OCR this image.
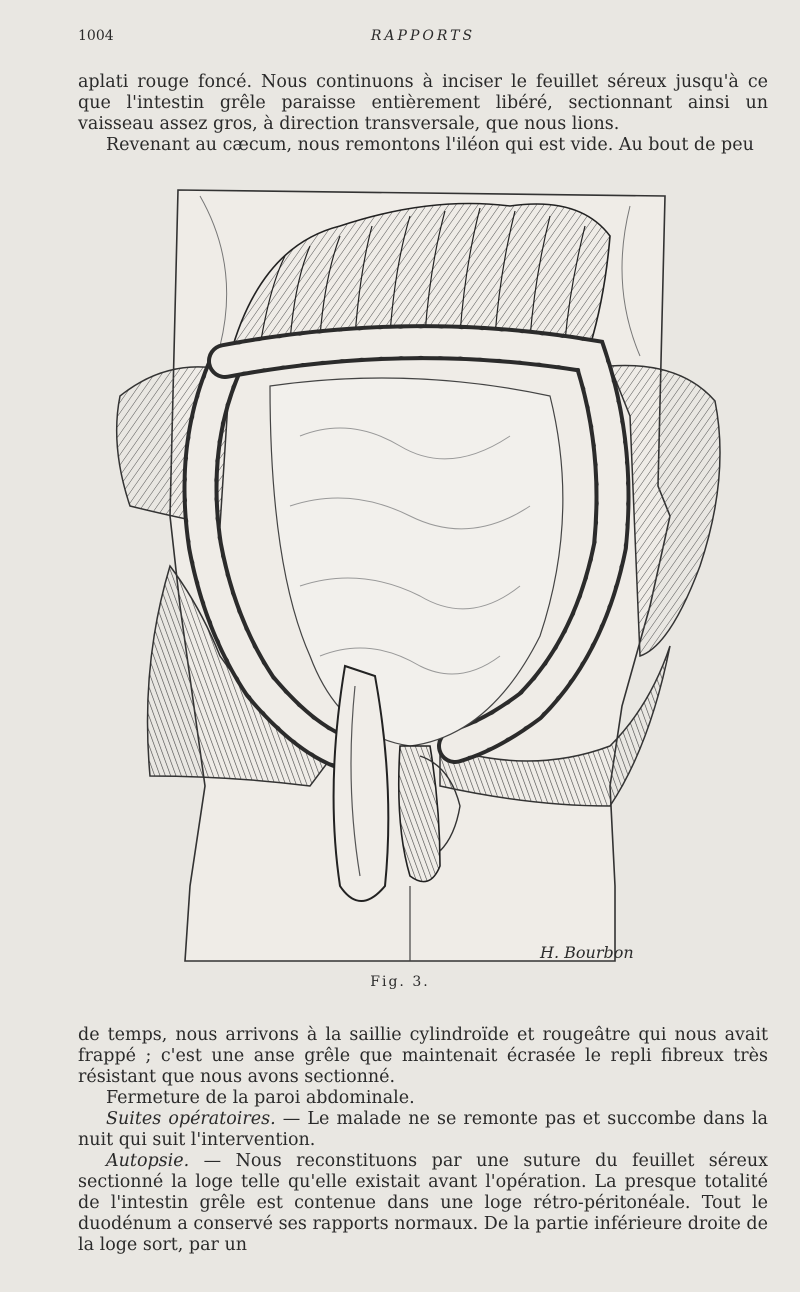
1004	RAPPORTS

aplati rouge foncé. Nous continuons à inciser le feuillet séreux jusqu'à ce que l'intestin grêle paraisse entièrement libéré, sectionnant ainsi un vaisseau assez gros, à direction transversale, que nous lions.

Revenant au cæcum, nous remontons l'iléon qui est vide. Au bout de peu

H. Bourbon
Fig. 3.

de temps, nous arrivons à la saillie cylindroïde et rougeâtre qui nous avait frappé ; c'est une anse grêle que maintenait écrasée le repli fibreux très résistant que nous avons sectionné.

Fermeture de la paroi abdominale.

Suites opératoires. — Le malade ne se remonte pas et succombe dans la nuit qui suit l'intervention.

Autopsie. — Nous reconstituons par une suture du feuillet séreux sectionné la loge telle qu'elle existait avant l'opération. La presque totalité de l'intestin grêle est contenue dans une loge rétro-péritonéale. Tout le duodénum a conservé ses rapports normaux. De la partie inférieure droite de la loge sort, par un
